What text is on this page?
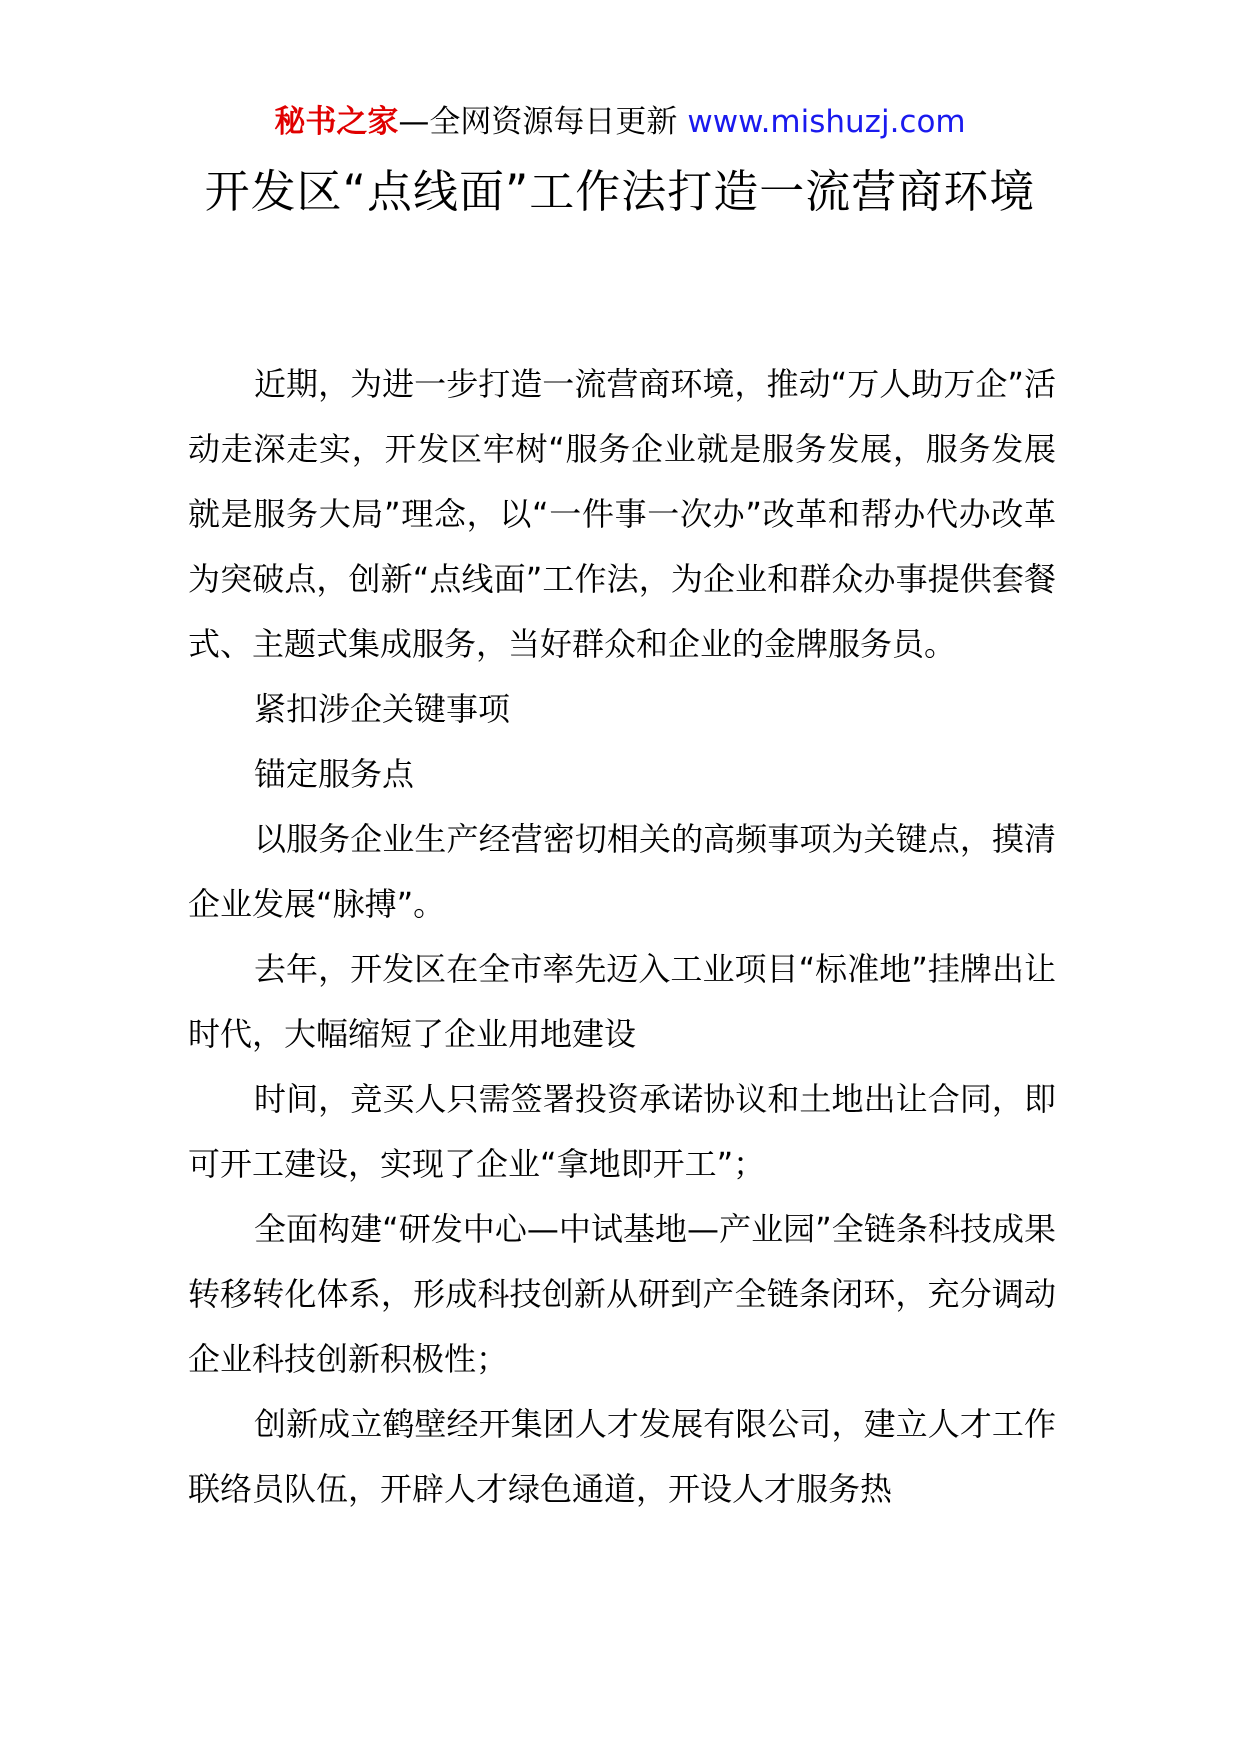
秘书之家—全网资源每日更新 www.mishuzj.com
开发区“点线面”工作法打造一流营商环境

近期，为进一步打造一流营商环境，推动“万人助万企”活动走深走实，开发区牢树“服务企业就是服务发展，服务发展就是服务大局”理念，以“一件事一次办”改革和帮办代办改革为突破点，创新“点线面”工作法，为企业和群众办事提供套餐式、主题式集成服务，当好群众和企业的金牌服务员。

紧扣涉企关键事项

锚定服务点

以服务企业生产经营密切相关的高频事项为关键点，摸清企业发展“脉搏”。

去年，开发区在全市率先迈入工业项目“标准地”挂牌出让时代，大幅缩短了企业用地建设

时间，竞买人只需签署投资承诺协议和土地出让合同，即可开工建设，实现了企业“拿地即开工”；

全面构建“研发中心—中试基地—产业园”全链条科技成果转移转化体系，形成科技创新从研到产全链条闭环，充分调动企业科技创新积极性；

创新成立鹤壁经开集团人才发展有限公司，建立人才工作联络员队伍，开辟人才绿色通道，开设人才服务热
